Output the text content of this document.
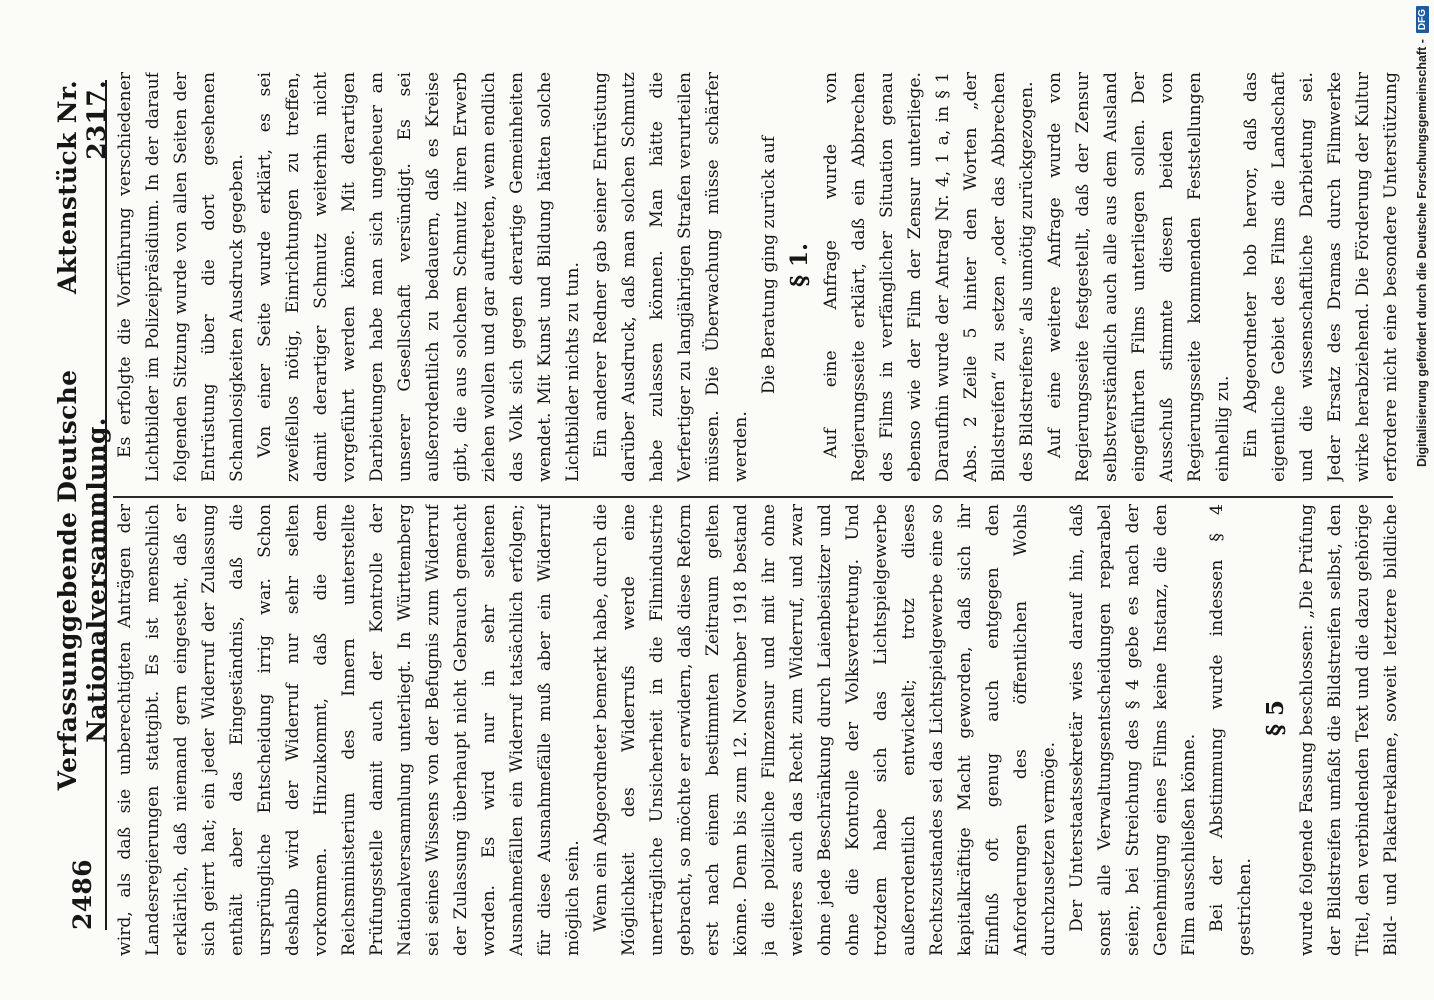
2486
Verfassunggebende Deutsche Nationalversammlung.
Aktenstück Nr. 2317.

wird, als daß sie unberechtigten Anträgen der Landesregierungen stattgibt. Es ist menschlich erklärlich, daß niemand gern eingesteht, daß er sich geirrt hat; ein jeder Widerruf der Zulassung enthält aber das Eingeständnis, daß die ursprüngliche Entscheidung irrig war. Schon deshalb wird der Widerruf nur sehr selten vorkommen. Hinzukommt, daß die dem Reichsministerium des Innern unterstellte Prüfungsstelle damit auch der Kontrolle der Nationalversammlung unterliegt. In Württemberg sei seines Wissens von der Befugnis zum Widerruf der Zulassung überhaupt nicht Gebrauch gemacht worden. Es wird nur in sehr seltenen Ausnahmefällen ein Widerruf tatsächlich erfolgen; für diese Ausnahmefälle muß aber ein Widerruf möglich sein. Wenn ein Abgeordneter bemerkt habe, durch die Möglichkeit des Widerrufs werde eine unerträgliche Unsicherheit in die Filmindustrie gebracht, so möchte er erwidern, daß diese Reform erst nach einem bestimmten Zeitraum gelten könne. Denn bis zum 12. November 1918 bestand ja die polizeiliche Filmzensur und mit ihr ohne weiteres auch das Recht zum Widerruf, und zwar ohne jede Beschränkung durch Laienbeisitzer und ohne die Kontrolle der Volksvertretung. Und trotzdem habe sich das Lichtspielgewerbe außerordentlich entwickelt; trotz dieses Rechtszustandes sei das Lichtspielgewerbe eine so kapitalkräftige Macht geworden, daß sich ihr Einfluß oft genug auch entgegen den Anforderungen des öffentlichen Wohls durchzusetzen vermöge. Der Unterstaatssekretär wies darauf hin, daß sonst alle Verwaltungsentscheidungen reparabel seien; bei Streichung des § 4 gebe es nach der Genehmigung eines Films keine Instanz, die den Film ausschließen könne. Bei der Abstimmung wurde indessen § 4 gestrichen.

§ 5

wurde folgende Fassung beschlossen: „Die Prüfung der Bildstreifen umfaßt die Bildstreifen selbst, den Titel, den verbindenden Text und die dazu gehörige Bild- und Plakatreklame, soweit letztere bildliche

Es erfolgte die Vorführung verschiedener Lichtbilder im Polizeipräsidium. In der darauf folgenden Sitzung wurde von allen Seiten der Entrüstung über die dort gesehenen Schamlosigkeiten Ausdruck gegeben. Von einer Seite wurde erklärt, es sei zweifellos nötig, Einrichtungen zu treffen, damit derartiger Schmutz weiterhin nicht vorgeführt werden könne. Mit derartigen Darbietungen habe man sich ungeheuer an unserer Gesellschaft versündigt. Es sei außerordentlich zu bedauern, daß es Kreise gibt, die aus solchem Schmutz ihren Erwerb ziehen wollen und gar auftreten, wenn endlich das Volk sich gegen derartige Gemeinheiten wendet. Mit Kunst und Bildung hätten solche Lichtbilder nichts zu tun. Ein anderer Redner gab seiner Entrüstung darüber Ausdruck, daß man solchen Schmutz habe zulassen können. Man hätte die Verfertiger zu langjährigen Strafen verurteilen müssen. Die Überwachung müsse schärfer werden.

Die Beratung ging zurück auf § 1. Auf eine Anfrage wurde von Regierungsseite erklärt, daß ein Abbrechen des Films in verfänglicher Situation genau ebenso wie der Film der Zensur unterliege. Daraufhin wurde der Antrag Nr. 4, 1 a, in § 1 Abs. 2 Zeile 5 hinter den Worten „der Bildstreifen“ zu setzen „oder das Abbrechen des Bildstreifens“ als unnötig zurückgezogen. Auf eine weitere Anfrage wurde von Regierungsseite festgestellt, daß der Zensur selbstverständlich auch alle aus dem Ausland eingeführten Films unterliegen sollen. Der Ausschuß stimmte diesen beiden von Regierungsseite kommenden Feststellungen einhellig zu. Ein Abgeordneter hob hervor, daß das eigentliche Gebiet des Films die Landschaft und die wissenschaftliche Darbietung sei. Jeder Ersatz des Dramas durch Filmwerke wirke herabziehend. Die Förderung der Kultur erfordere nicht eine besondere Unterstützung	Digitalisierung gefördert durch die Deutsche Forschungsgemeinschaft -
DFG
